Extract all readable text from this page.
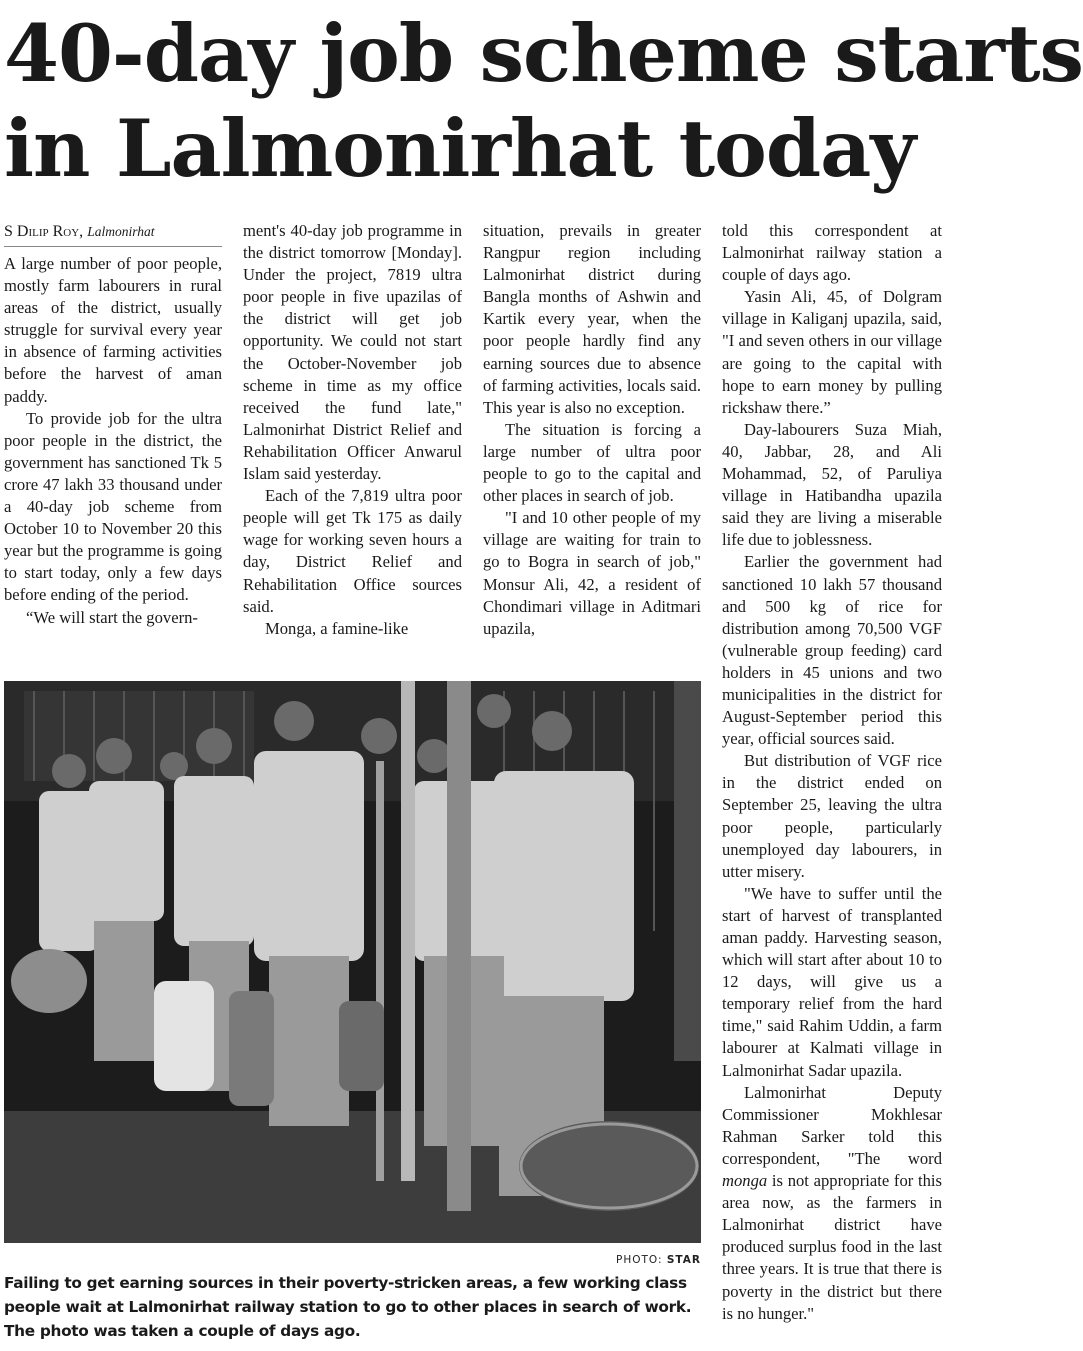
40-day job scheme starts
in Lalmonirhat today
S Dilip Roy, Lalmonirhat

A large number of poor people, mostly farm labourers in rural areas of the district, usually struggle for survival every year in absence of farming activities before the harvest of aman paddy.

To provide job for the ultra poor people in the district, the government has sanctioned Tk 5 crore 47 lakh 33 thousand under a 40-day job scheme from October 10 to November 20 this year but the programme is going to start today, only a few days before ending of the period.

“We will start the govern-

ment's 40-day job programme in the district tomorrow [Monday]. Under the project, 7819 ultra poor people in five upazilas of the district will get job opportunity. We could not start the October-November job scheme in time as my office received the fund late," Lalmonirhat District Relief and Rehabilitation Officer Anwarul Islam said yesterday.

Each of the 7,819 ultra poor people will get Tk 175 as daily wage for working seven hours a day, District Relief and Rehabilitation Office sources said.

Monga, a famine-like

situation, prevails in greater Rangpur region including Lalmonirhat district during Bangla months of Ashwin and Kartik every year, when the poor people hardly find any earning sources due to absence of farming activities, locals said. This year is also no exception.

The situation is forcing a large number of ultra poor people to go to the capital and other places in search of job.

"I and 10 other people of my village are waiting for train to go to Bogra in search of job," Monsur Ali, 42, a resident of Chondimari village in Aditmari upazila,

told this correspondent at Lalmonirhat railway station a couple of days ago.

Yasin Ali, 45, of Dolgram village in Kaliganj upazila, said, "I and seven others in our village are going to the capital with hope to earn money by pulling rickshaw there.”

Day-labourers Suza Miah, 40, Jabbar, 28, and Ali Mohammad, 52, of Paruliya village in Hatibandha upazila said they are living a miserable life due to joblessness.

Earlier the government had sanctioned 10 lakh 57 thousand and 500 kg of rice for distribution among 70,500 VGF (vulnerable group feeding) card holders in 45 unions and two municipalities in the district for August-September period this year, official sources said.

But distribution of VGF rice in the district ended on September 25, leaving the ultra poor people, particularly unemployed day labourers, in utter misery.

"We have to suffer until the start of harvest of transplanted aman paddy. Harvesting season, which will start after about 10 to 12 days, will give us a temporary relief from the hard time," said Rahim Uddin, a farm labourer at Kalmati village in Lalmonirhat Sadar upazila.

Lalmonirhat Deputy Commissioner Mokhlesar Rahman Sarker told this correspondent, "The word monga is not appropriate for this area now, as the farmers in Lalmonirhat district have produced surplus food in the last three years. It is true that there is poverty in the district but there is no hunger."

PHOTO: STAR
Failing to get earning sources in their poverty-stricken areas, a few working class people wait at Lalmonirhat railway station to go to other places in search of work. The photo was taken a couple of days ago.
